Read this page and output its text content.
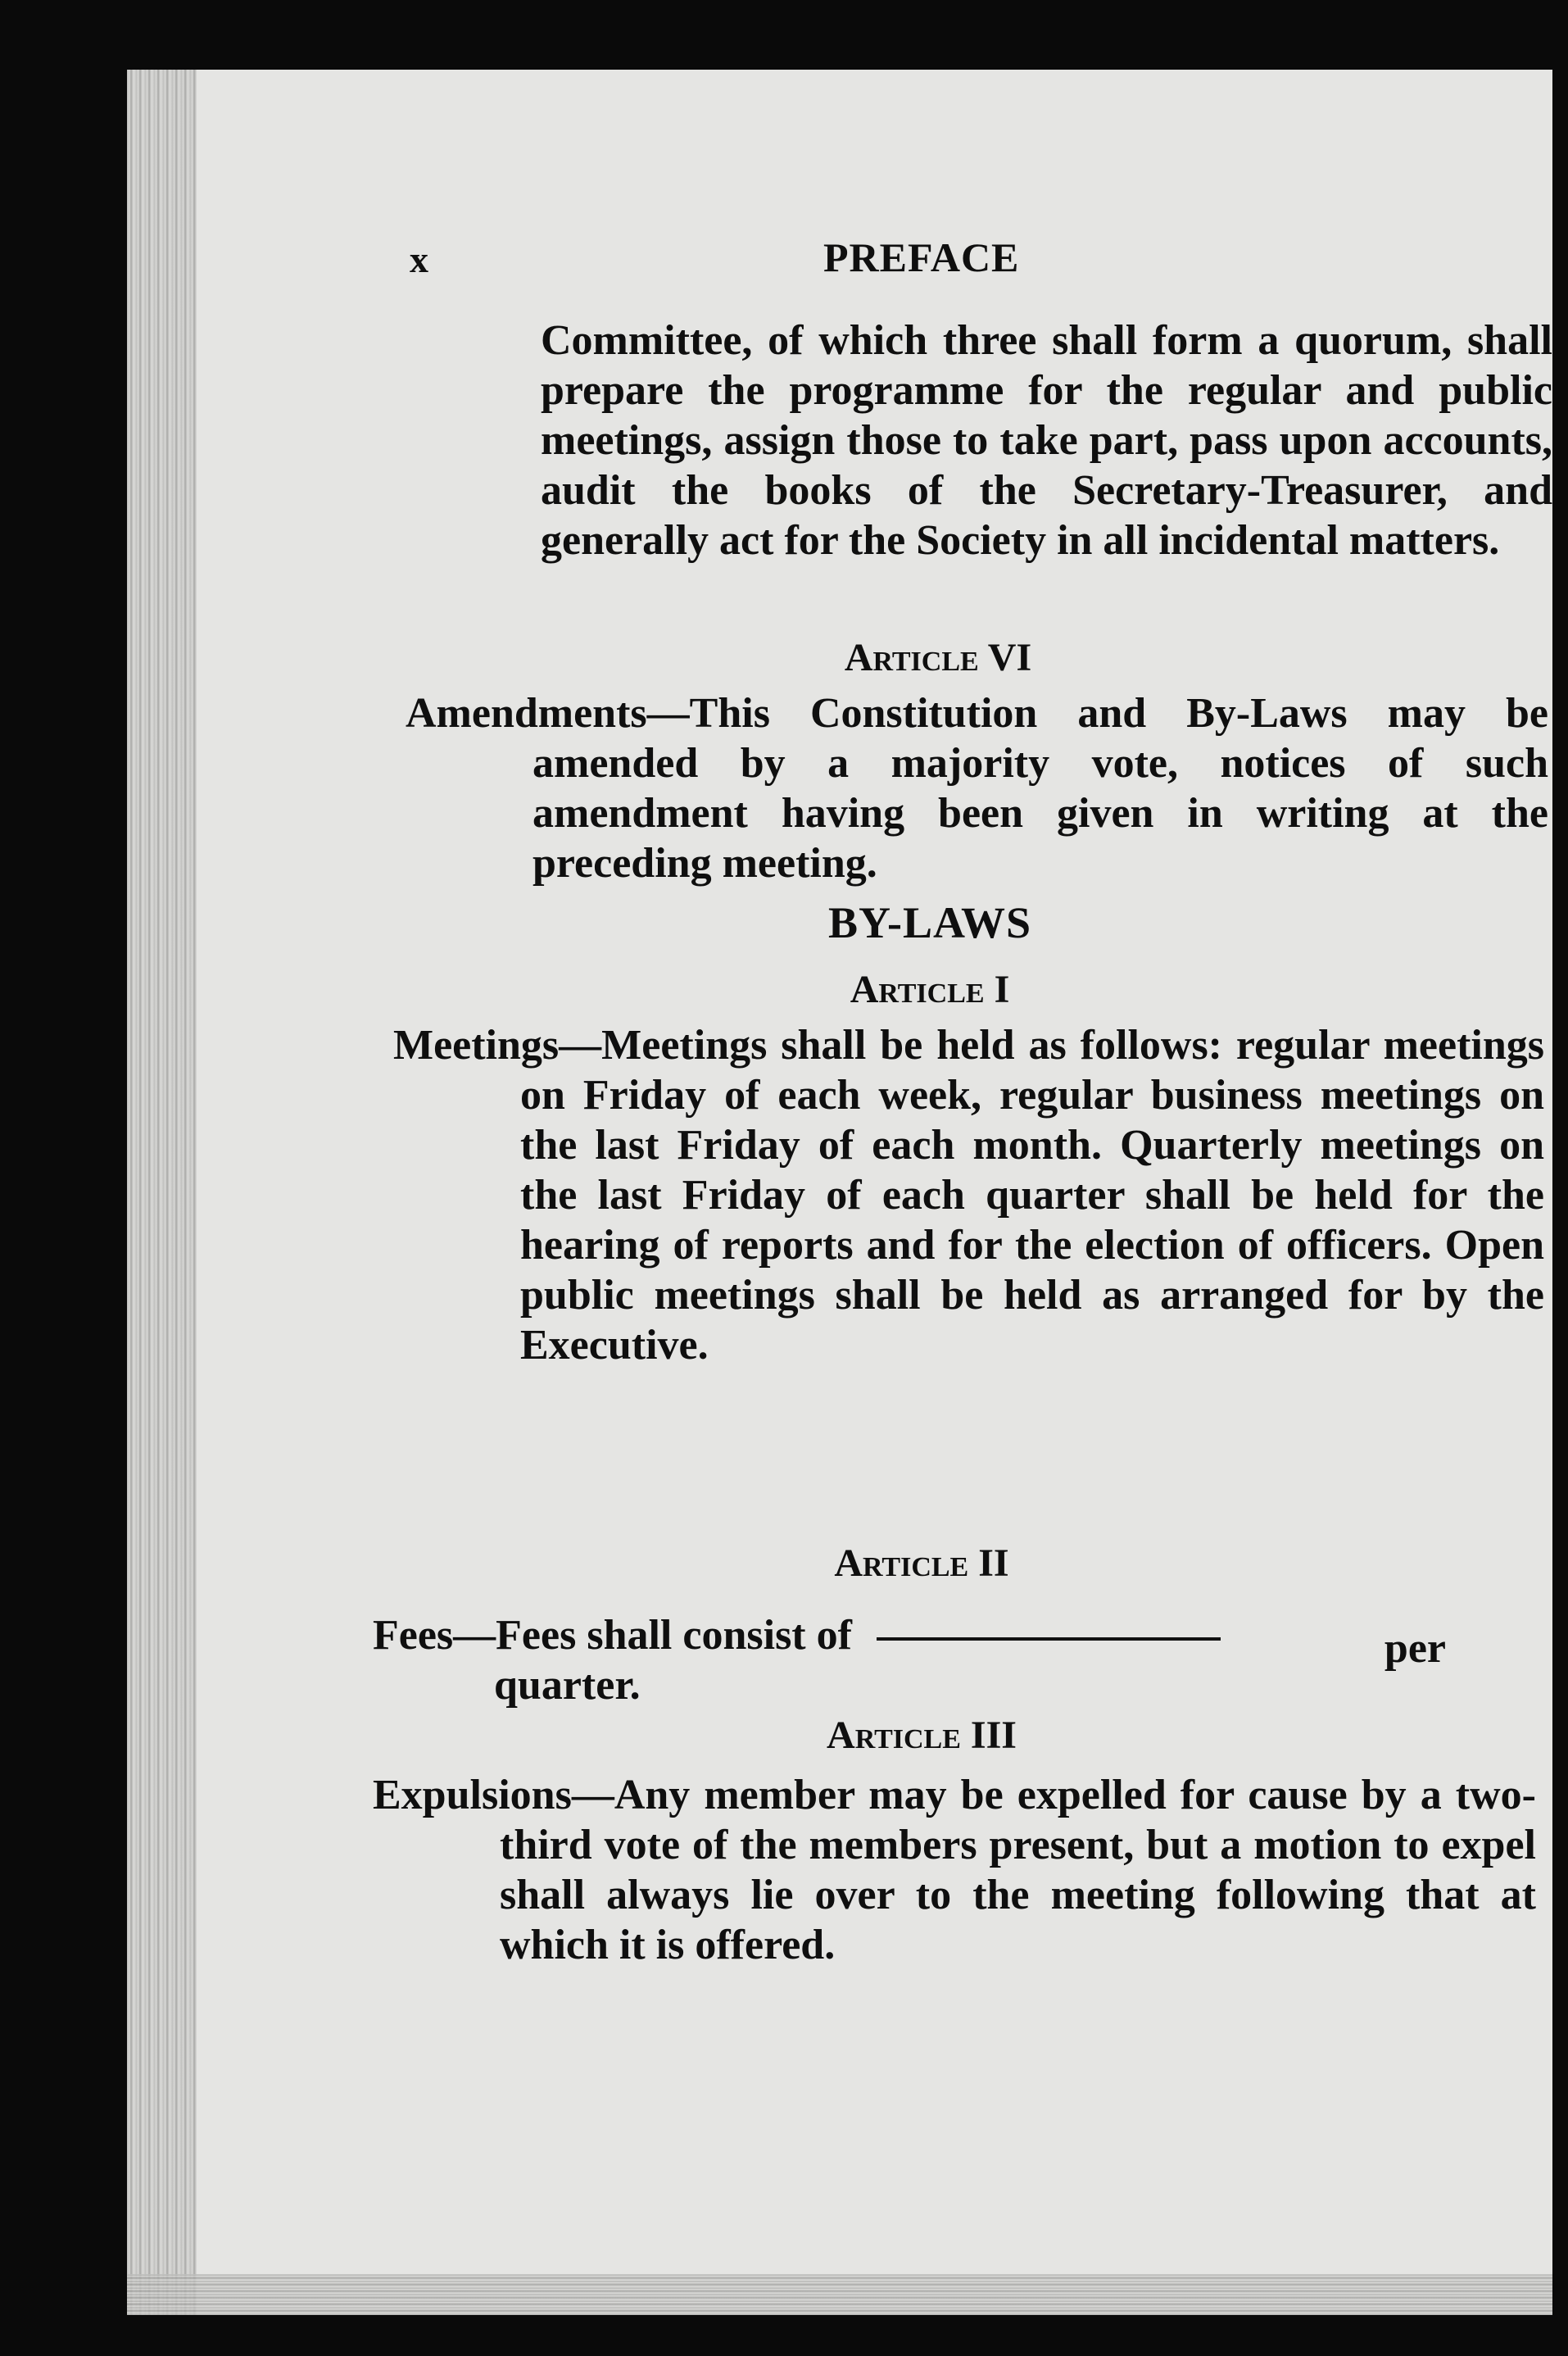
x	PREFACE
Committee, of which three shall form a quorum, shall prepare the programme for the regular and public meetings, assign those to take part, pass upon accounts, audit the books of the Secretary-Treasurer, and generally act for the Society in all incidental matters.
Article VI
Amendments—This Constitution and By-Laws may be amended by a majority vote, notices of such amendment having been given in writing at the preceding meeting.
BY-LAWS
Article I
Meetings—Meetings shall be held as follows: regular meetings on Friday of each week, regular business meetings on the last Friday of each month. Quarterly meetings on the last Friday of each quarter shall be held for the hearing of reports and for the election of officers. Open public meetings shall be held as arranged for by the Executive.
Article II
Fees—Fees shall consist of	per
quarter.
Article III
Expulsions—Any member may be expelled for cause by a two-third vote of the members present, but a motion to expel shall always lie over to the meeting following that at which it is offered.
